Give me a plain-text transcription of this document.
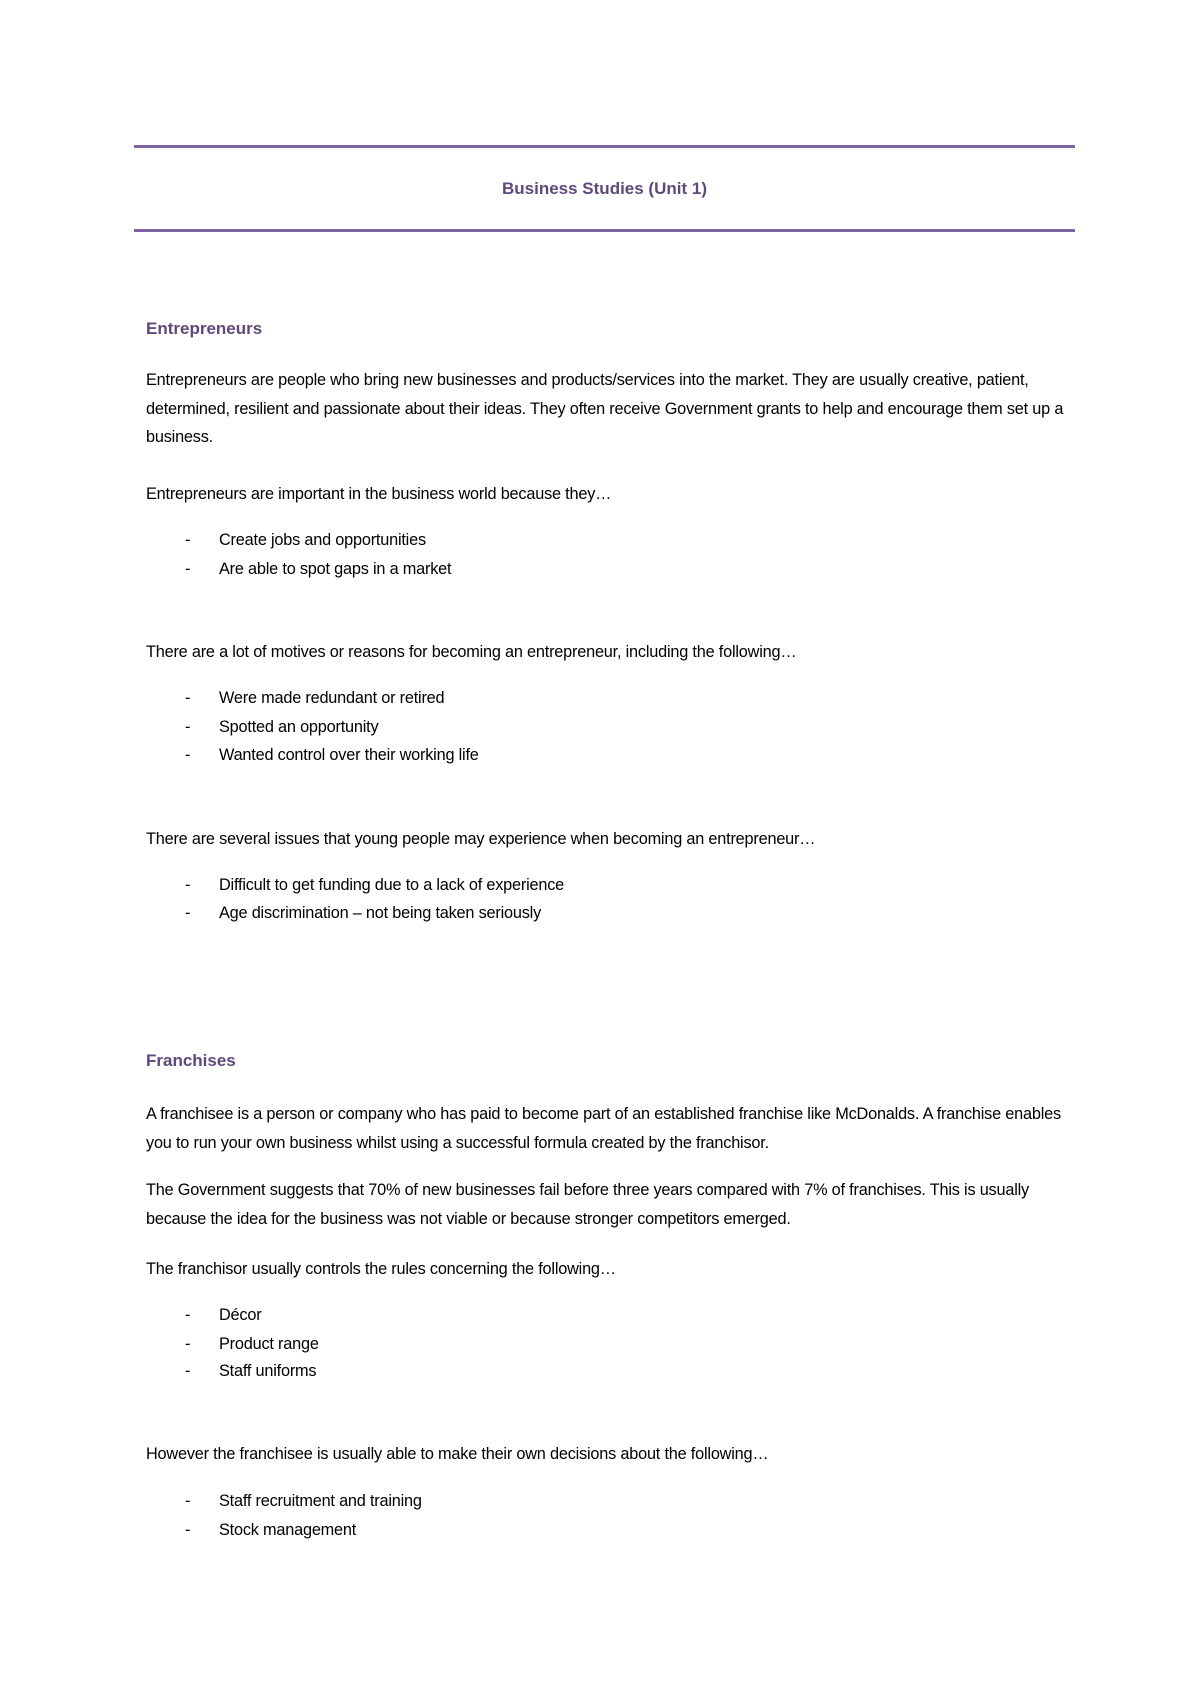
Business Studies (Unit 1)
Entrepreneurs
Entrepreneurs are people who bring new businesses and products/services into the market. They are usually creative, patient, determined, resilient and passionate about their ideas. They often receive Government grants to help and encourage them set up a business.
Entrepreneurs are important in the business world because they…
- Create jobs and opportunities
- Are able to spot gaps in a market
There are a lot of motives or reasons for becoming an entrepreneur, including the following…
- Were made redundant or retired
- Spotted an opportunity
- Wanted control over their working life
There are several issues that young people may experience when becoming an entrepreneur…
- Difficult to get funding due to a lack of experience
- Age discrimination – not being taken seriously
Franchises
A franchisee is a person or company who has paid to become part of an established franchise like McDonalds. A franchise enables you to run your own business whilst using a successful formula created by the franchisor.
The Government suggests that 70% of new businesses fail before three years compared with 7% of franchises. This is usually because the idea for the business was not viable or because stronger competitors emerged.
The franchisor usually controls the rules concerning the following…
- Décor
- Product range
- Staff uniforms
However the franchisee is usually able to make their own decisions about the following…
- Staff recruitment and training
- Stock management
